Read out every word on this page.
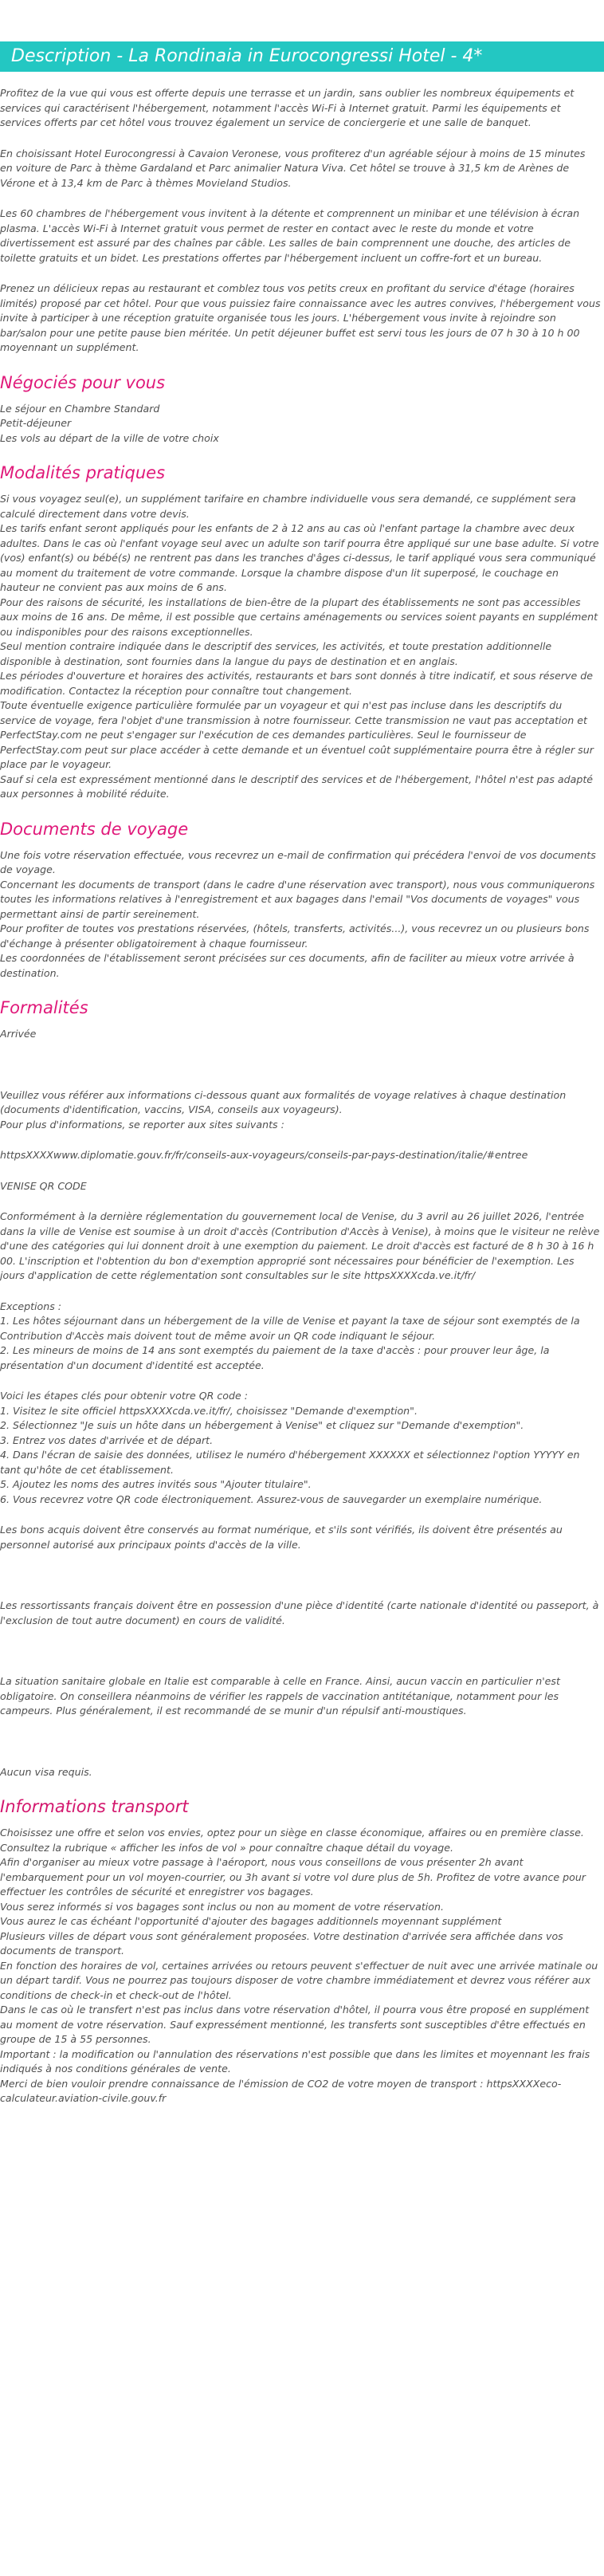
Description - La Rondinaia in Eurocongressi Hotel - 4*

Profitez de la vue qui vous est offerte depuis une terrasse et un jardin, sans oublier les nombreux équipements et services qui caractérisent l'hébergement, notamment l'accès Wi-Fi à Internet gratuit. Parmi les équipements et services offerts par cet hôtel vous trouvez également un service de conciergerie et une salle de banquet.

En choisissant Hotel Eurocongressi à Cavaion Veronese, vous profiterez d'un agréable séjour à moins de 15 minutes en voiture de Parc à thème Gardaland et Parc animalier Natura Viva. Cet hôtel se trouve à 31,5 km de Arènes de Vérone et à 13,4 km de Parc à thèmes Movieland Studios.

Les 60 chambres de l'hébergement vous invitent à la détente et comprennent un minibar et une télévision à écran plasma. L'accès Wi-Fi à Internet gratuit vous permet de rester en contact avec le reste du monde et votre divertissement est assuré par des chaînes par câble. Les salles de bain comprennent une douche, des articles de toilette gratuits et un bidet. Les prestations offertes par l'hébergement incluent un coffre-fort et un bureau.

Prenez un délicieux repas au restaurant et comblez tous vos petits creux en profitant du service d'étage (horaires limités) proposé par cet hôtel. Pour que vous puissiez faire connaissance avec les autres convives, l'hébergement vous invite à participer à une réception gratuite organisée tous les jours. L'hébergement vous invite à rejoindre son bar/salon pour une petite pause bien méritée. Un petit déjeuner buffet est servi tous les jours de 07 h 30 à 10 h 00 moyennant un supplément.

Négociés pour vous
Le séjour en Chambre Standard
Petit-déjeuner
Les vols au départ de la ville de votre choix
Modalités pratiques
Si vous voyagez seul(e), un supplément tarifaire en chambre individuelle vous sera demandé, ce supplément sera calculé directement dans votre devis.
Les tarifs enfant seront appliqués pour les enfants de 2 à 12 ans au cas où l'enfant partage la chambre avec deux adultes. Dans le cas où l'enfant voyage seul avec un adulte son tarif pourra être appliqué sur une base adulte. Si votre (vos) enfant(s) ou bébé(s) ne rentrent pas dans les tranches d'âges ci-dessus, le tarif appliqué vous sera communiqué au moment du traitement de votre commande. Lorsque la chambre dispose d'un lit superposé, le couchage en hauteur ne convient pas aux moins de 6 ans.
Pour des raisons de sécurité, les installations de bien-être de la plupart des établissements ne sont pas accessibles aux moins de 16 ans. De même, il est possible que certains aménagements ou services soient payants en supplément ou indisponibles pour des raisons exceptionnelles.
Seul mention contraire indiquée dans le descriptif des services, les activités, et toute prestation additionnelle disponible à destination, sont fournies dans la langue du pays de destination et en anglais.
Les périodes d'ouverture et horaires des activités, restaurants et bars sont donnés à titre indicatif, et sous réserve de modification. Contactez la réception pour connaître tout changement.
Toute éventuelle exigence particulière formulée par un voyageur et qui n'est pas incluse dans les descriptifs du service de voyage, fera l'objet d'une transmission à notre fournisseur. Cette transmission ne vaut pas acceptation et PerfectStay.com ne peut s'engager sur l'exécution de ces demandes particulières. Seul le fournisseur de PerfectStay.com peut sur place accéder à cette demande et un éventuel coût supplémentaire pourra être à régler sur place par le voyageur.
Sauf si cela est expressément mentionné dans le descriptif des services et de l'hébergement, l'hôtel n'est pas adapté aux personnes à mobilité réduite.
Documents de voyage
Une fois votre réservation effectuée, vous recevrez un e-mail de confirmation qui précédera l'envoi de vos documents de voyage.
Concernant les documents de transport (dans le cadre d'une réservation avec transport), nous vous communiquerons toutes les informations relatives à l'enregistrement et aux bagages dans l'email "Vos documents de voyages" vous permettant ainsi de partir sereinement.
Pour profiter de toutes vos prestations réservées, (hôtels, transferts, activités...), vous recevrez un ou plusieurs bons d'échange à présenter obligatoirement à chaque fournisseur.
Les coordonnées de l'établissement seront précisées sur ces documents, afin de faciliter au mieux votre arrivée à destination.
Formalités

Arrivée

Veuillez vous référer aux informations ci-dessous quant aux formalités de voyage relatives à chaque destination (documents d'identification, vaccins, VISA, conseils aux voyageurs).
Pour plus d'informations, se reporter aux sites suivants :

httpsXXXXwww.diplomatie.gouv.fr/fr/conseils-aux-voyageurs/conseils-par-pays-destination/italie/#entree

VENISE QR CODE

Conformément à la dernière réglementation du gouvernement local de Venise, du 3 avril au 26 juillet 2026, l'entrée dans la ville de Venise est soumise à un droit d'accès (Contribution d'Accès à Venise), à moins que le visiteur ne relève d'une des catégories qui lui donnent droit à une exemption du paiement. Le droit d'accès est facturé de 8 h 30 à 16 h 00. L'inscription et l'obtention du bon d'exemption approprié sont nécessaires pour bénéficier de l'exemption. Les jours d'application de cette réglementation sont consultables sur le site httpsXXXXcda.ve.it/fr/

Exceptions :
1. Les hôtes séjournant dans un hébergement de la ville de Venise et payant la taxe de séjour sont exemptés de la Contribution d'Accès mais doivent tout de même avoir un QR code indiquant le séjour.
2. Les mineurs de moins de 14 ans sont exemptés du paiement de la taxe d'accès : pour prouver leur âge, la présentation d'un document d'identité est acceptée.
Voici les étapes clés pour obtenir votre QR code :
1. Visitez le site officiel httpsXXXXcda.ve.it/fr/, choisissez "Demande d'exemption".
2. Sélectionnez "Je suis un hôte dans un hébergement à Venise" et cliquez sur "Demande d'exemption".
3. Entrez vos dates d'arrivée et de départ.
4. Dans l'écran de saisie des données, utilisez le numéro d'hébergement XXXXXX et sélectionnez l'option YYYYY en tant qu'hôte de cet établissement.
5. Ajoutez les noms des autres invités sous "Ajouter titulaire".
6. Vous recevrez votre QR code électroniquement. Assurez-vous de sauvegarder un exemplaire numérique.

Les bons acquis doivent être conservés au format numérique, et s'ils sont vérifiés, ils doivent être présentés au personnel autorisé aux principaux points d'accès de la ville.

Les ressortissants français doivent être en possession d'une pièce d'identité (carte nationale d'identité ou passeport, à l'exclusion de tout autre document) en cours de validité.

La situation sanitaire globale en Italie est comparable à celle en France. Ainsi, aucun vaccin en particulier n'est obligatoire. On conseillera néanmoins de vérifier les rappels de vaccination antitétanique, notamment pour les campeurs. Plus généralement, il est recommandé de se munir d'un répulsif anti-moustiques.

Aucun visa requis.

Informations transport
Choisissez une offre et selon vos envies, optez pour un siège en classe économique, affaires ou en première classe.
Consultez la rubrique « afficher les infos de vol » pour connaître chaque détail du voyage.
Afin d'organiser au mieux votre passage à l'aéroport, nous vous conseillons de vous présenter 2h avant l'embarquement pour un vol moyen-courrier, ou 3h avant si votre vol dure plus de 5h. Profitez de votre avance pour effectuer les contrôles de sécurité et enregistrer vos bagages.
Vous serez informés si vos bagages sont inclus ou non au moment de votre réservation.
Vous aurez le cas échéant l'opportunité d'ajouter des bagages additionnels moyennant supplément
Plusieurs villes de départ vous sont généralement proposées. Votre destination d'arrivée sera affichée dans vos documents de transport.
En fonction des horaires de vol, certaines arrivées ou retours peuvent s'effectuer de nuit avec une arrivée matinale ou un départ tardif. Vous ne pourrez pas toujours disposer de votre chambre immédiatement et devrez vous référer aux conditions de check-in et check-out de l'hôtel.
Dans le cas où le transfert n'est pas inclus dans votre réservation d'hôtel, il pourra vous être proposé en supplément au moment de votre réservation. Sauf expressément mentionné, les transferts sont susceptibles d'être effectués en groupe de 15 à 55 personnes.
Important : la modification ou l'annulation des réservations n'est possible que dans les limites et moyennant les frais indiqués à nos conditions générales de vente.
Merci de bien vouloir prendre connaissance de l'émission de CO2 de votre moyen de transport : httpsXXXXeco-calculateur.aviation-civile.gouv.fr
